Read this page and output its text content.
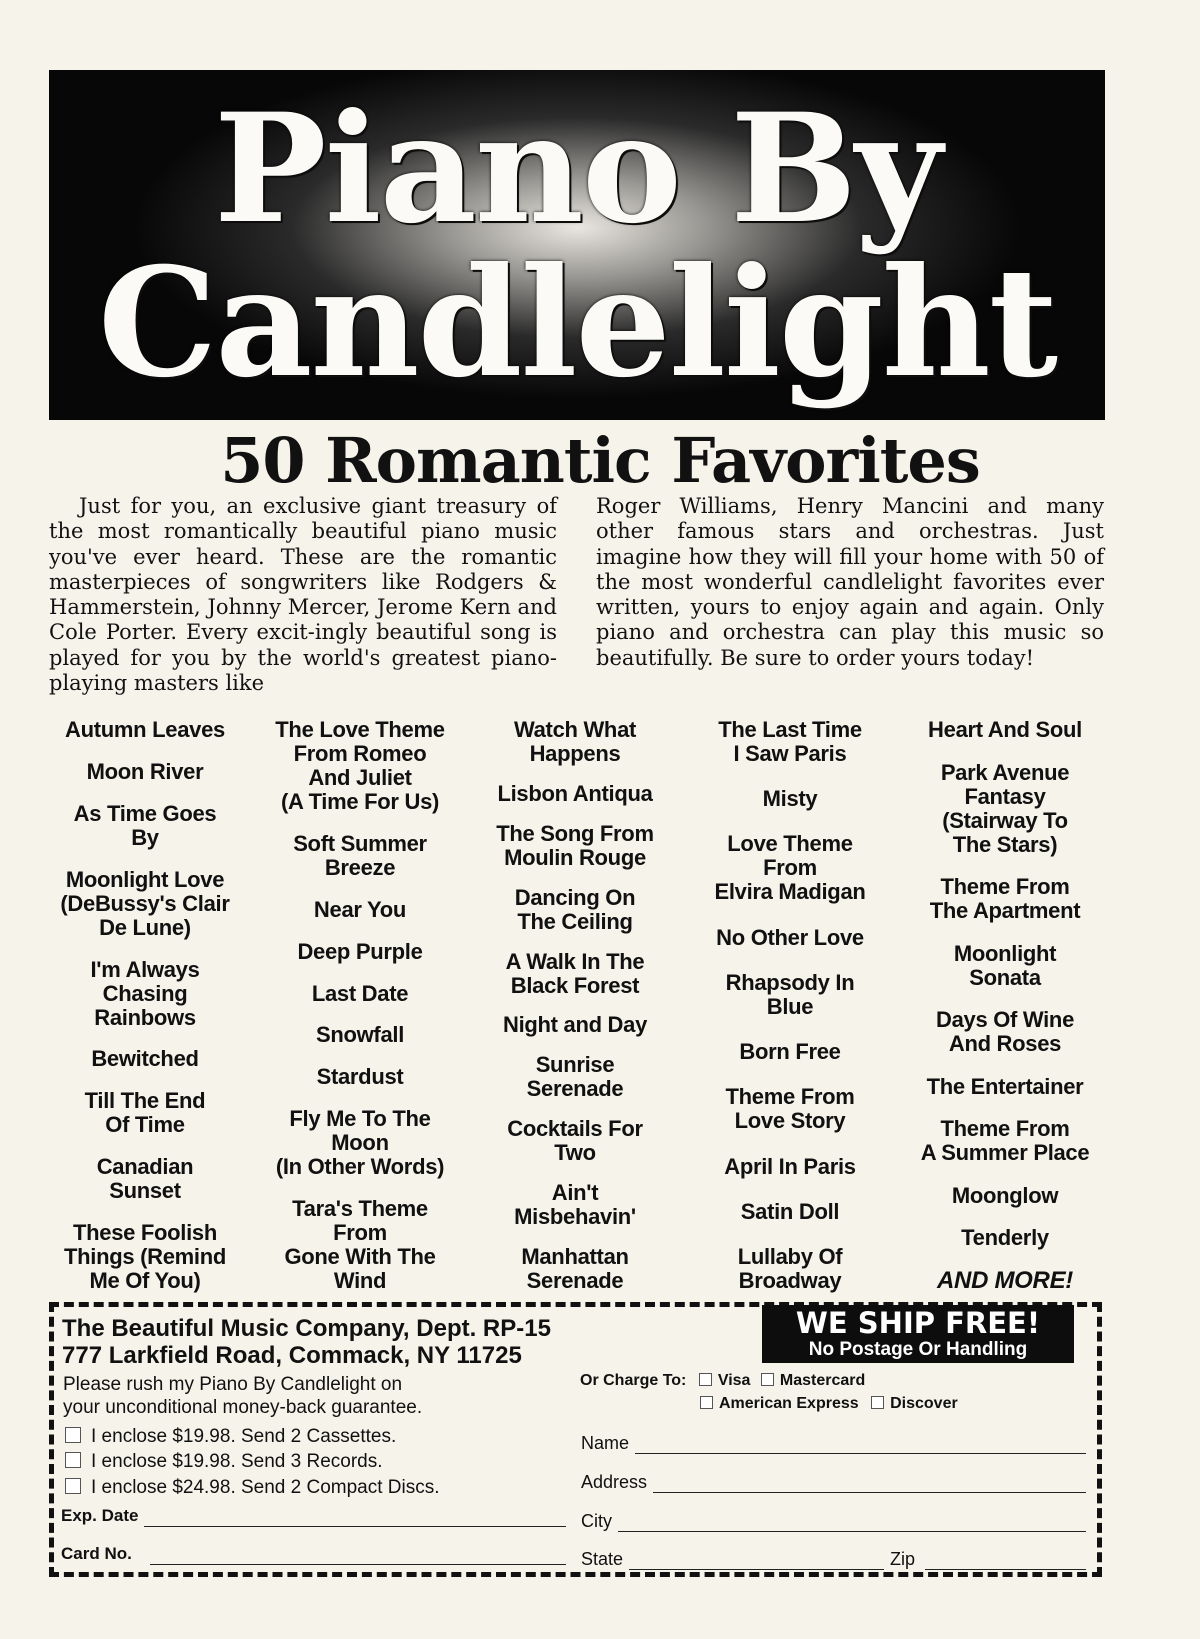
Piano By
Candlelight
50 Romantic Favorites

Just for you, an exclusive giant treasury of the most romantically beautiful piano music you've ever heard. These are the romantic masterpieces of songwriters like Rodgers & Hammerstein, Johnny Mercer, Jerome Kern and Cole Porter. Every excit-ingly beautiful song is played for you by the world's greatest piano-playing masters like

Roger Williams, Henry Mancini and many other famous stars and orchestras. Just imagine how they will fill your home with 50 of the most wonderful candlelight favorites ever written, yours to enjoy again and again. Only piano and orchestra can play this music so beautifully. Be sure to order yours today!

Autumn Leaves
Moon River
As Time Goes
By
Moonlight Love
(DeBussy's Clair
De Lune)
I'm Always
Chasing
Rainbows
Bewitched
Till The End
Of Time
Canadian
Sunset
These Foolish
Things (Remind
Me Of You)
The Love Theme
From Romeo
And Juliet
(A Time For Us)
Soft Summer
Breeze
Near You
Deep Purple
Last Date
Snowfall
Stardust
Fly Me To The
Moon
(In Other Words)
Tara's Theme
From
Gone With The
Wind
Watch What
Happens
Lisbon Antiqua
The Song From
Moulin Rouge
Dancing On
The Ceiling
A Walk In The
Black Forest
Night and Day
Sunrise
Serenade
Cocktails For
Two
Ain't
Misbehavin'
Manhattan
Serenade
The Last Time
I Saw Paris
Misty
Love Theme
From
Elvira Madigan
No Other Love
Rhapsody In
Blue
Born Free
Theme From
Love Story
April In Paris
Satin Doll
Lullaby Of
Broadway
Heart And Soul
Park Avenue
Fantasy
(Stairway To
The Stars)
Theme From
The Apartment
Moonlight
Sonata
Days Of Wine
And Roses
The Entertainer
Theme From
A Summer Place
Moonglow
Tenderly
AND MORE!
The Beautiful Music Company, Dept. RP-15
777 Larkfield Road, Commack, NY 11725
WE SHIP FREE!
No Postage Or Handling
Please rush my Piano By Candlelight on
your unconditional money-back guarantee.
I enclose $19.98. Send 2 Cassettes.
I enclose $19.98. Send 3 Records.
I enclose $24.98. Send 2 Compact Discs.
Exp. Date
Card No.
Or Charge To: Visa Mastercard
American Express Discover
Name
Address
City
State	Zip
